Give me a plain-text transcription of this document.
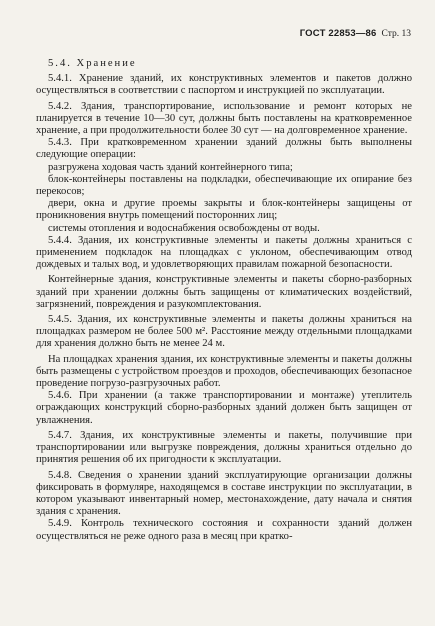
ГОСТ 22853—86 Стр. 13

5.4. Хранение

5.4.1. Хранение зданий, их конструктивных элементов и пакетов должно осуществляться в соответствии с паспортом и инструкцией по эксплуатации.

5.4.2. Здания, транспортирование, использование и ремонт которых не планируется в течение 10—30 сут, должны быть поставлены на кратковременное хранение, а при продолжительности более 30 сут — на долговременное хранение.

5.4.3. При кратковременном хранении зданий должны быть выполнены следующие операции:

разгружена ходовая часть зданий контейнерного типа;

блок-контейнеры поставлены на подкладки, обеспечивающие их опирание без перекосов;

двери, окна и другие проемы закрыты и блок-контейнеры защищены от проникновения внутрь помещений посторонних лиц;

системы отопления и водоснабжения освобождены от воды.

5.4.4. Здания, их конструктивные элементы и пакеты должны храниться с применением подкладок на площадках с уклоном, обеспечивающим отвод дождевых и талых вод, и удовлетворяющих правилам пожарной безопасности.

Контейнерные здания, конструктивные элементы и пакеты сборно-разборных зданий при хранении должны быть защищены от климатических воздействий, загрязнений, повреждения и разукомплектования.

5.4.5. Здания, их конструктивные элементы и пакеты должны храниться на площадках размером не более 500 м². Расстояние между отдельными площадками для хранения должно быть не менее 24 м.

На площадках хранения здания, их конструктивные элементы и пакеты должны быть размещены с устройством проездов и проходов, обеспечивающих безопасное проведение погрузо-разгрузочных работ.

5.4.6. При хранении (а также транспортировании и монтаже) утеплитель ограждающих конструкций сборно-разборных зданий должен быть защищен от увлажнения.

5.4.7. Здания, их конструктивные элементы и пакеты, получившие при транспортировании или выгрузке повреждения, должны храниться отдельно до принятия решения об их пригодности к эксплуатации.

5.4.8. Сведения о хранении зданий эксплуатирующие организации должны фиксировать в формуляре, находящемся в составе инструкции по эксплуатации, в котором указывают инвентарный номер, местонахождение, дату начала и снятия здания с хранения.

5.4.9. Контроль технического состояния и сохранности зданий должен осуществляться не реже одного раза в месяц при кратко-
